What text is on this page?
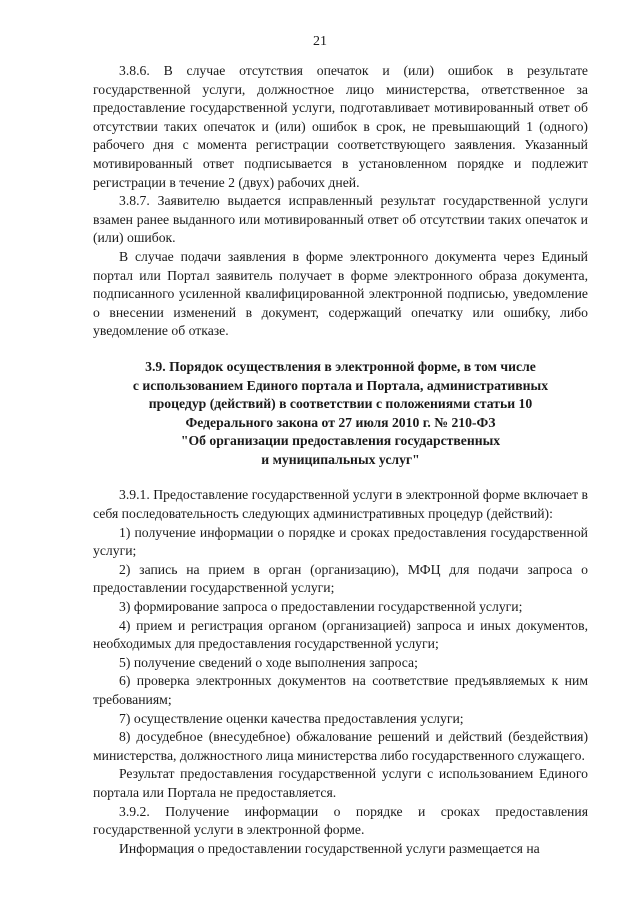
21

3.8.6. В случае отсутствия опечаток и (или) ошибок в результате государственной услуги, должностное лицо министерства, ответственное за предоставление государственной услуги, подготавливает мотивированный ответ об отсутствии таких опечаток и (или) ошибок в срок, не превышающий 1 (одного) рабочего дня с момента регистрации соответствующего заявления. Указанный мотивированный ответ подписывается в установленном порядке и подлежит регистрации в течение 2 (двух) рабочих дней.

3.8.7. Заявителю выдается исправленный результат государственной услуги взамен ранее выданного или мотивированный ответ об отсутствии таких опечаток и (или) ошибок.

В случае подачи заявления в форме электронного документа через Единый портал или Портал заявитель получает в форме электронного образа документа, подписанного усиленной квалифицированной электронной подписью, уведомление о внесении изменений в документ, содержащий опечатку или ошибку, либо уведомление об отказе.

3.9. Порядок осуществления в электронной форме, в том числе
с использованием Единого портала и Портала, административных
процедур (действий) в соответствии с положениями статьи 10
Федерального закона от 27 июля 2010 г. № 210-ФЗ
"Об организации предоставления государственных
и муниципальных услуг"

3.9.1. Предоставление государственной услуги в электронной форме включает в себя последовательность следующих административных процедур (действий):

1) получение информации о порядке и сроках предоставления государственной услуги;

2) запись на прием в орган (организацию), МФЦ для подачи запроса о предоставлении государственной услуги;

3) формирование запроса о предоставлении государственной услуги;

4) прием и регистрация органом (организацией) запроса и иных документов, необходимых для предоставления государственной услуги;

5) получение сведений о ходе выполнения запроса;

6) проверка электронных документов на соответствие предъявляемых к ним требованиям;

7) осуществление оценки качества предоставления услуги;

8) досудебное (внесудебное) обжалование решений и действий (бездействия) министерства, должностного лица министерства либо государственного служащего.

Результат предоставления государственной услуги с использованием Единого портала или Портала не предоставляется.

3.9.2. Получение информации о порядке и сроках предоставления государственной услуги в электронной форме.

Информация о предоставлении государственной услуги размещается на
